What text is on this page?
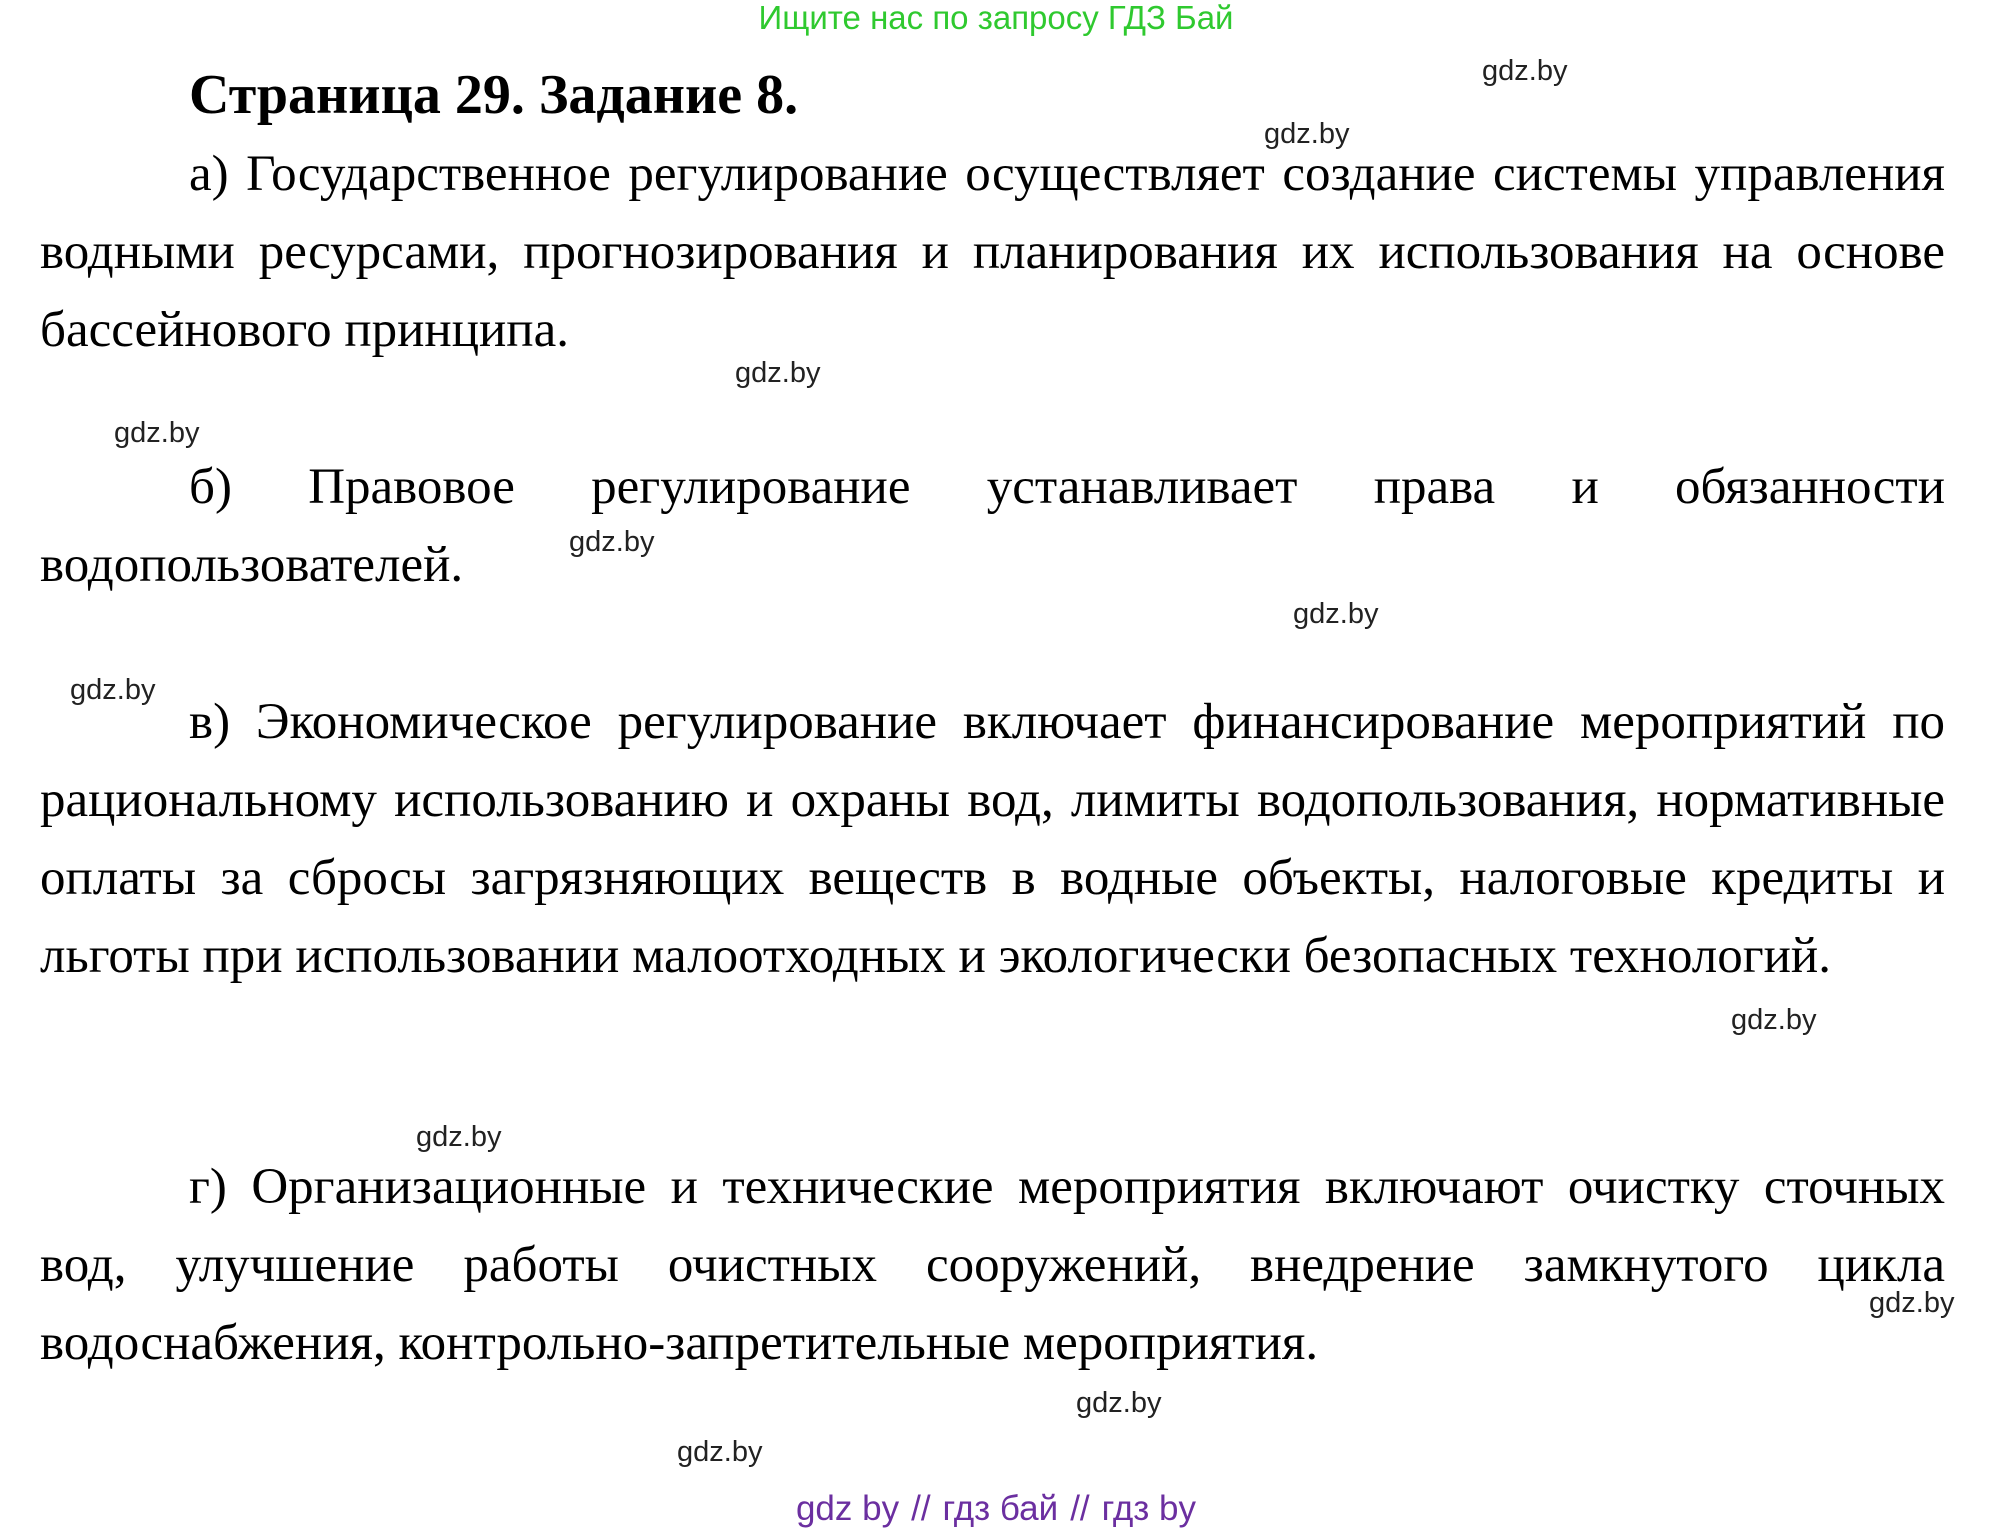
Ищите нас по запросу ГДЗ Бай
Страница 29. Задание 8.

а) Государственное регулирование осуществляет создание системы управления водными ресурсами, прогнозирования и планирования их использования на основе бассейнового принципа.

б) Правовое регулирование устанавливает права и обязанности водопользователей.

в) Экономическое регулирование включает финансирование мероприятий по рациональному использованию и охраны вод, лимиты водопользования, нормативные оплаты за сбросы загрязняющих веществ в водные объекты, налоговые кредиты и льготы при использовании малоотходных и экологически безопасных технологий.

г) Организационные и технические мероприятия включают очистку сточных вод, улучшение работы очистных сооружений, внедрение замкнутого цикла водоснабжения, контрольно-запретительные мероприятия.

gdz.by
gdz.by
gdz.by
gdz.by
gdz.by
gdz.by
gdz.by
gdz.by
gdz.by
gdz.by
gdz.by
gdz.by
gdz by // гдз бай // гдз by
